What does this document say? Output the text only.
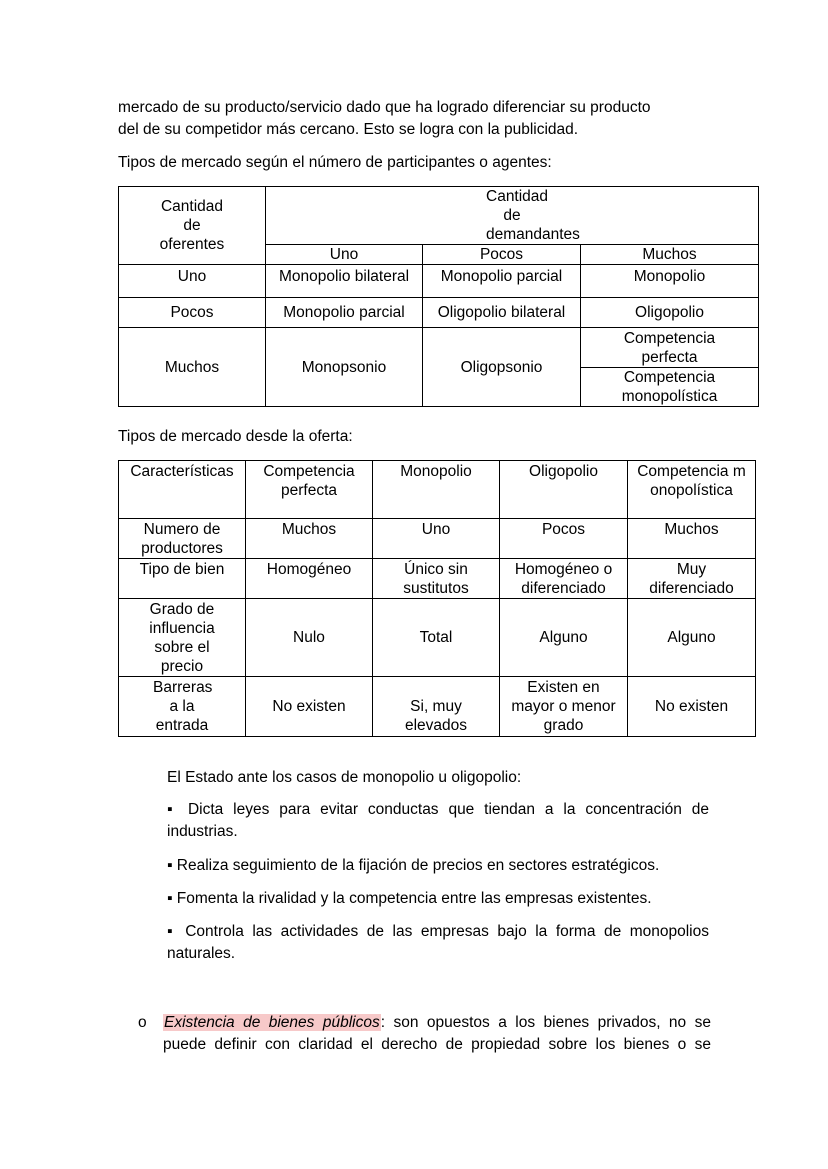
mercado de su producto/servicio dado que ha logrado diferenciar su producto

del de su competidor más cercano. Esto se logra con la publicidad.

Tipos de mercado según el número de participantes o agentes:

Cantidad de oferentes	Cantidad de demandantes		
	Uno	Pocos	Muchos
Uno	Monopolio bilateral	Monopolio parcial	Monopolio
Pocos	Monopolio parcial	Oligopolio bilateral	Oligopolio
Muchos	Monopsonio	Oligopsonio	Competencia perfecta
			Competencia monopolística

Tipos de mercado desde la oferta:

Características	Competencia perfecta	Monopolio	Oligopolio	Competencia monopolística
Numero de productores	Muchos	Uno	Pocos	Muchos
Tipo de bien	Homogéneo	Único sin sustitutos	Homogéneo o diferenciado	Muy diferenciado
Grado de influencia sobre el precio	Nulo	Total	Alguno	Alguno
Barreras a la entrada	No existen	Si, muy elevados	Existen en mayor o menor grado	No existen

El Estado ante los casos de monopolio u oligopolio:

▪ Dicta leyes para evitar conductas que tiendan a la concentración de industrias.

▪ Realiza seguimiento de la fijación de precios en sectores estratégicos.

▪ Fomenta la rivalidad y la competencia entre las empresas existentes.

▪ Controla las actividades de las empresas bajo la forma de monopolios naturales.

o Existencia de bienes públicos: son opuestos a los bienes privados, no se

puede definir con claridad el derecho de propiedad sobre los bienes o se
